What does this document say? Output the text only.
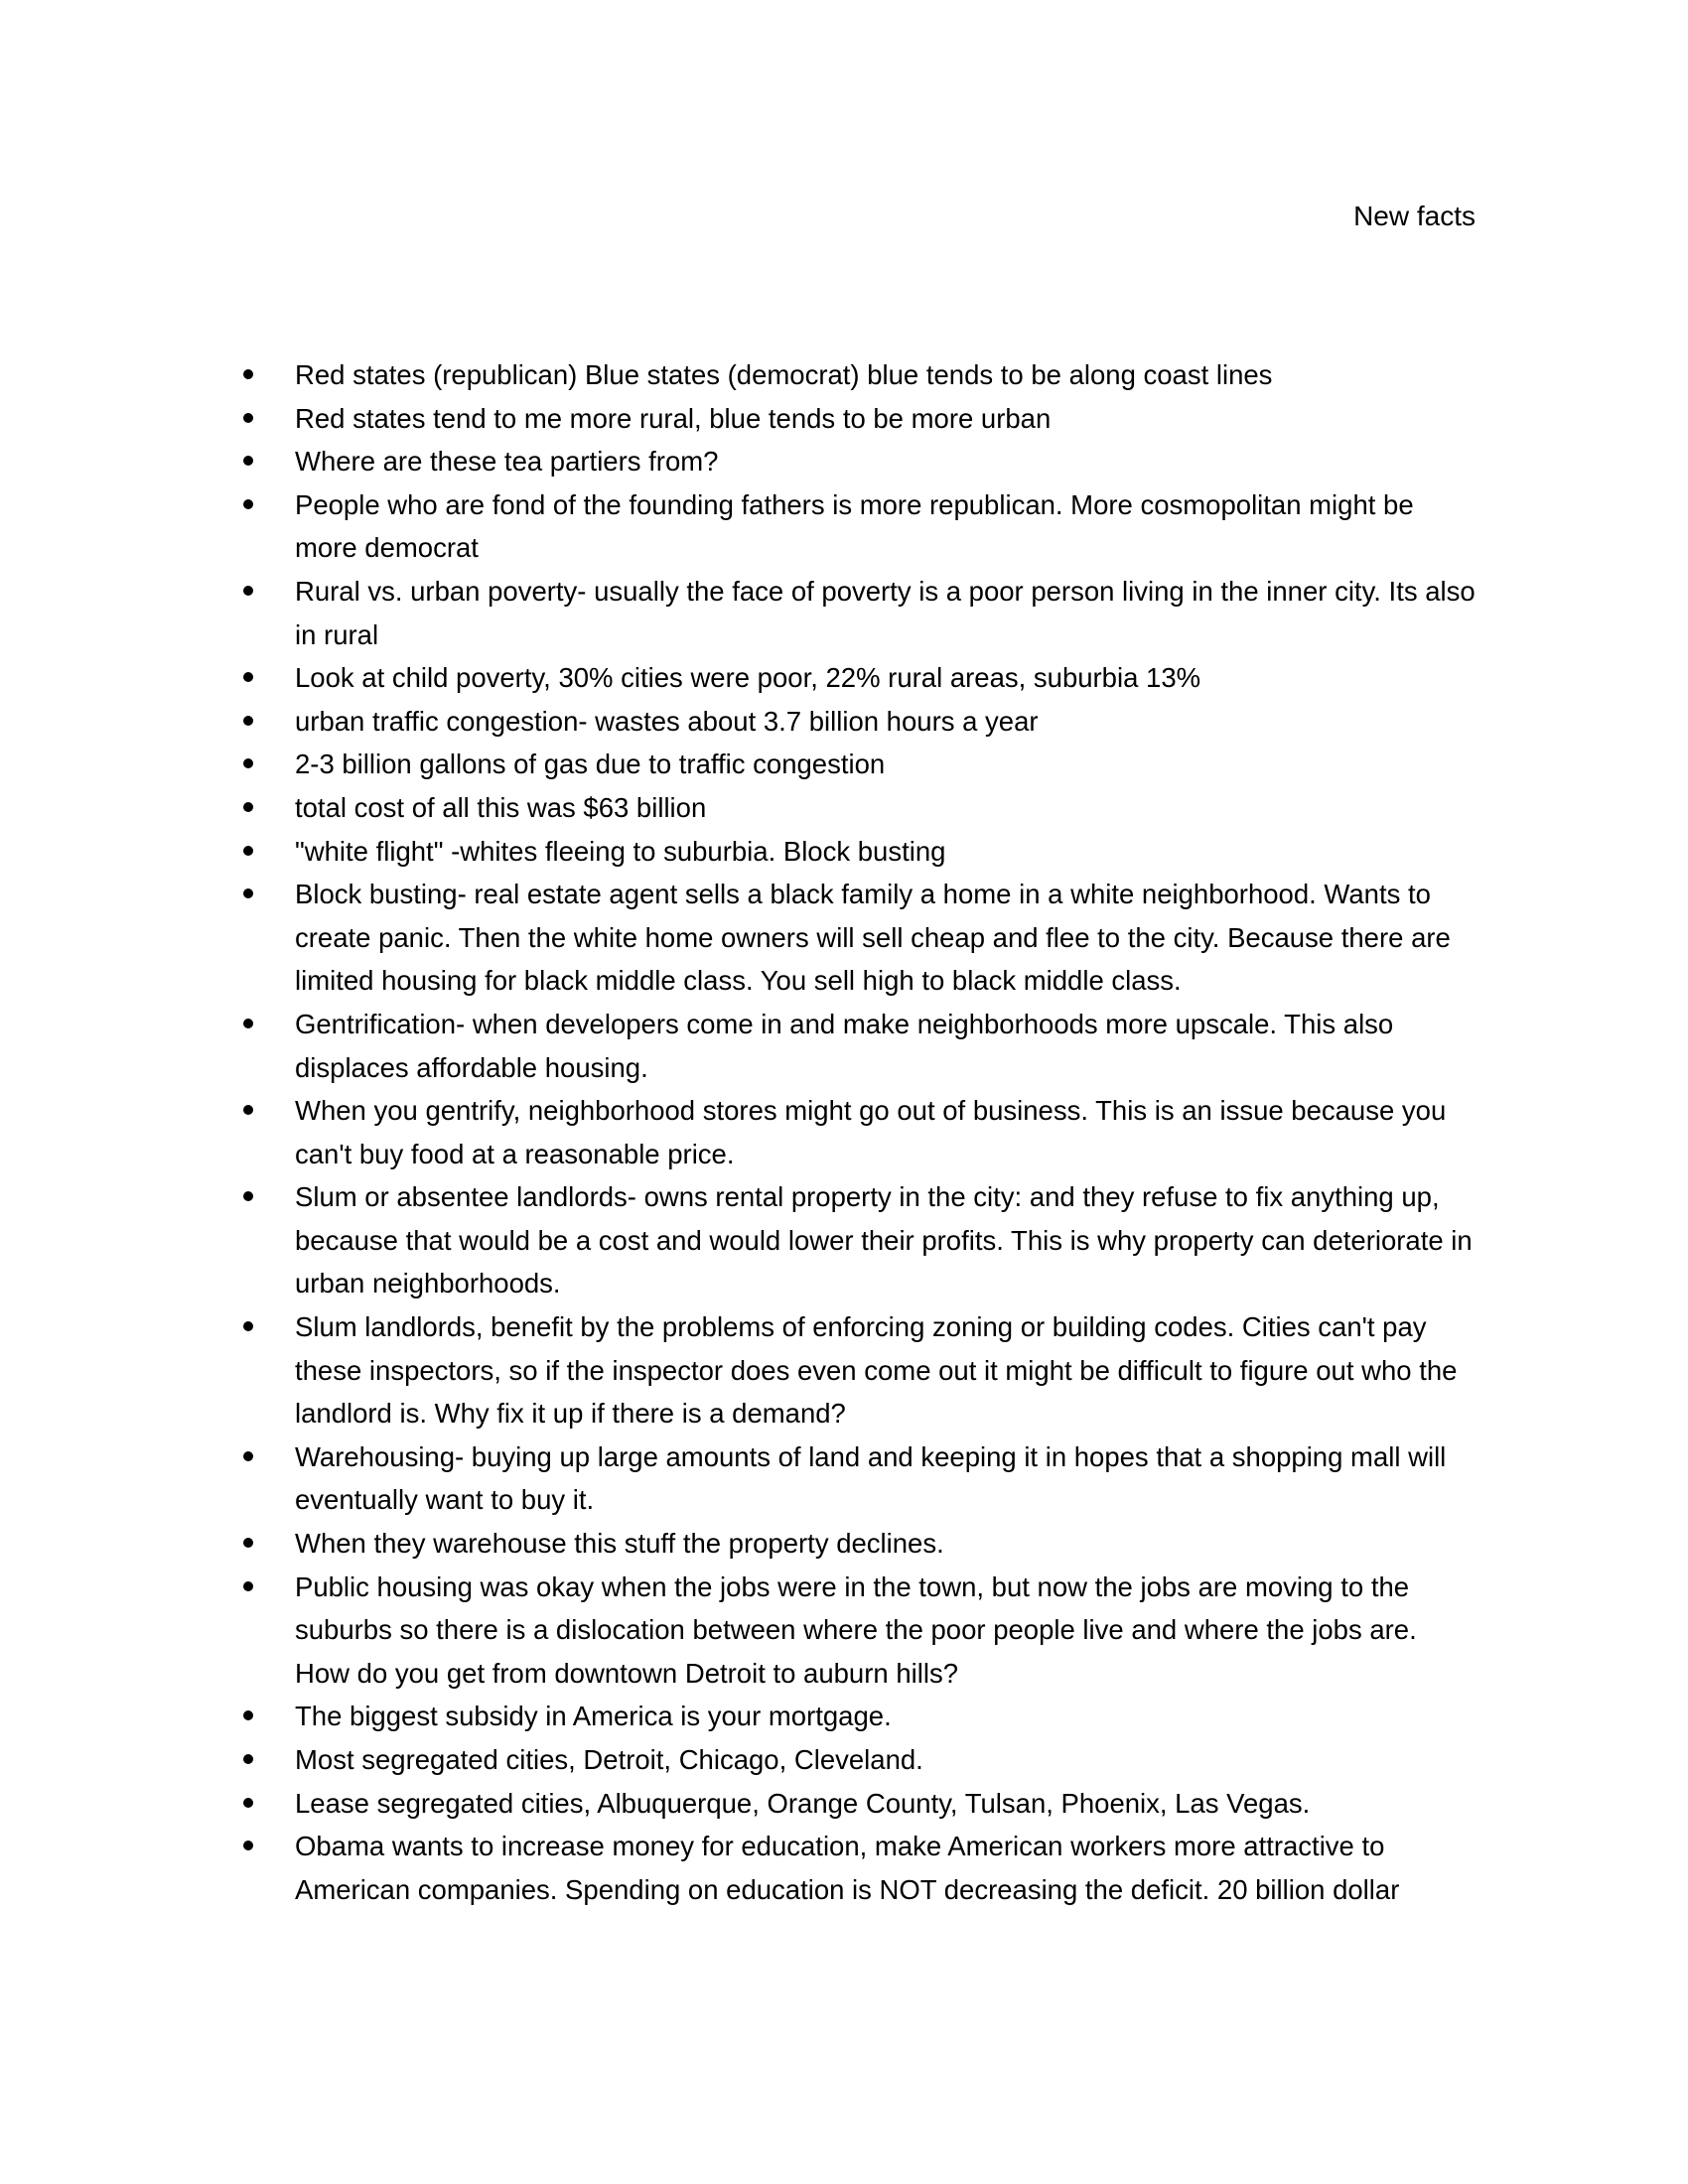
New facts
Red states (republican) Blue states (democrat) blue tends to be along coast lines
Red states tend to me more rural, blue tends to be more urban
Where are these tea partiers from?
People who are fond of the founding fathers is more republican. More cosmopolitan might be more democrat
Rural vs. urban poverty- usually the face of poverty is a poor person living in the inner city. Its also in rural
Look at child poverty, 30% cities were poor, 22% rural areas, suburbia 13%
urban traffic congestion- wastes about 3.7 billion hours a year
2-3 billion gallons of gas due to traffic congestion
total cost of all this was $63 billion
"white flight" -whites fleeing to suburbia. Block busting
Block busting- real estate agent sells a black family a home in a white neighborhood. Wants to create panic. Then the white home owners will sell cheap and flee to the city. Because there are limited housing for black middle class. You sell high to black middle class.
Gentrification- when developers come in and make neighborhoods more upscale. This also displaces affordable housing.
When you gentrify, neighborhood stores might go out of business. This is an issue because you can't buy food at a reasonable price.
Slum or absentee landlords- owns rental property in the city: and they refuse to fix anything up, because that would be a cost and would lower their profits. This is why property can deteriorate in urban neighborhoods.
Slum landlords, benefit by the problems of enforcing zoning or building codes. Cities can't pay these inspectors, so if the inspector does even come out it might be difficult to figure out who the landlord is. Why fix it up if there is a demand?
Warehousing- buying up large amounts of land and keeping it in hopes that a shopping mall will eventually want to buy it.
When they warehouse this stuff the property declines.
Public housing was okay when the jobs were in the town, but now the jobs are moving to the suburbs so there is a dislocation between where the poor people live and where the jobs are. How do you get from downtown Detroit to auburn hills?
The biggest subsidy in America is your mortgage.
Most segregated cities, Detroit, Chicago, Cleveland.
Lease segregated cities, Albuquerque, Orange County, Tulsan, Phoenix, Las Vegas.
Obama wants to increase money for education, make American workers more attractive to American companies. Spending on education is NOT decreasing the deficit. 20 billion dollar
